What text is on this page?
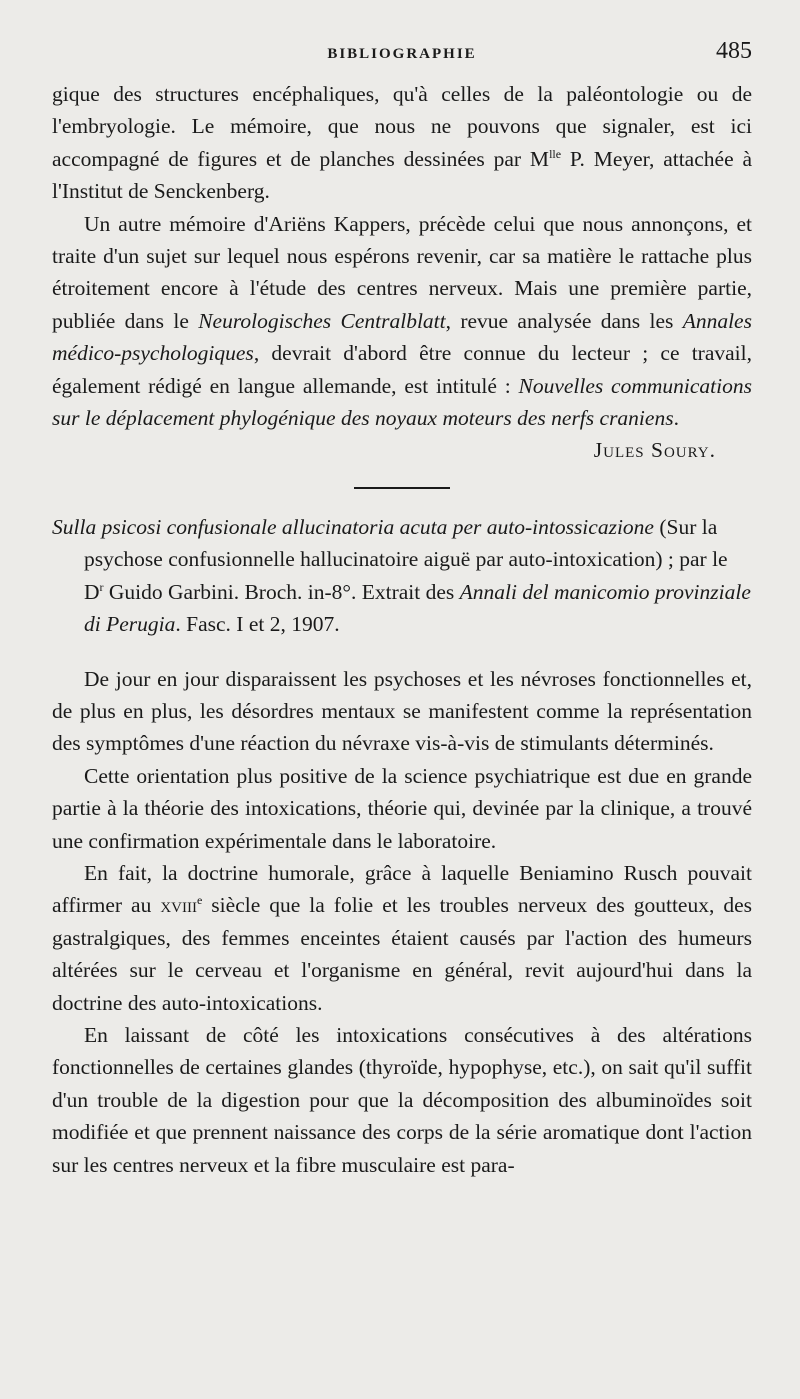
BIBLIOGRAPHIE	485

gique des structures encéphaliques, qu'à celles de la paléontologie ou de l'embryologie. Le mémoire, que nous ne pouvons que signaler, est ici accompagné de figures et de planches dessinées par $M^{lle}$ P. Meyer, attachée à l'Institut de Senckenberg.

Un autre mémoire d'Ariëns Kappers, précède celui que nous annonçons, et traite d'un sujet sur lequel nous espérons revenir, car sa matière le rattache plus étroitement encore à l'étude des centres nerveux. Mais une première partie, publiée dans le Neurologisches Centralblatt, revue analysée dans les Annales médico-psychologiques, devrait d'abord être connue du lecteur ; ce travail, également rédigé en langue allemande, est intitulé : Nouvelles communications sur le déplacement phylogénique des noyaux moteurs des nerfs craniens.

Jules Soury.

Sulla psicosi confusionale allucinatoria acuta per auto-intossicazione (Sur la psychose confusionnelle hallucinatoire aiguë par auto-intoxication) ; par le $D^r$ Guido Garbini. Broch. in-8°. Extrait des Annali del manicomio provinziale di Perugia. Fasc. I et 2, 1907.

De jour en jour disparaissent les psychoses et les névroses fonctionnelles et, de plus en plus, les désordres mentaux se manifestent comme la représentation des symptômes d'une réaction du névraxe vis-à-vis de stimulants déterminés.

Cette orientation plus positive de la science psychiatrique est due en grande partie à la théorie des intoxications, théorie qui, devinée par la clinique, a trouvé une confirmation expérimentale dans le laboratoire.

En fait, la doctrine humorale, grâce à laquelle Beniamino Rusch pouvait affirmer au xviii$^e$ siècle que la folie et les troubles nerveux des goutteux, des gastralgiques, des femmes enceintes étaient causés par l'action des humeurs altérées sur le cerveau et l'organisme en général, revit aujourd'hui dans la doctrine des auto-intoxications.

En laissant de côté les intoxications consécutives à des altérations fonctionnelles de certaines glandes (thyroïde, hypophyse, etc.), on sait qu'il suffit d'un trouble de la digestion pour que la décomposition des albuminoïdes soit modifiée et que prennent naissance des corps de la série aromatique dont l'action sur les centres nerveux et la fibre musculaire est para-
